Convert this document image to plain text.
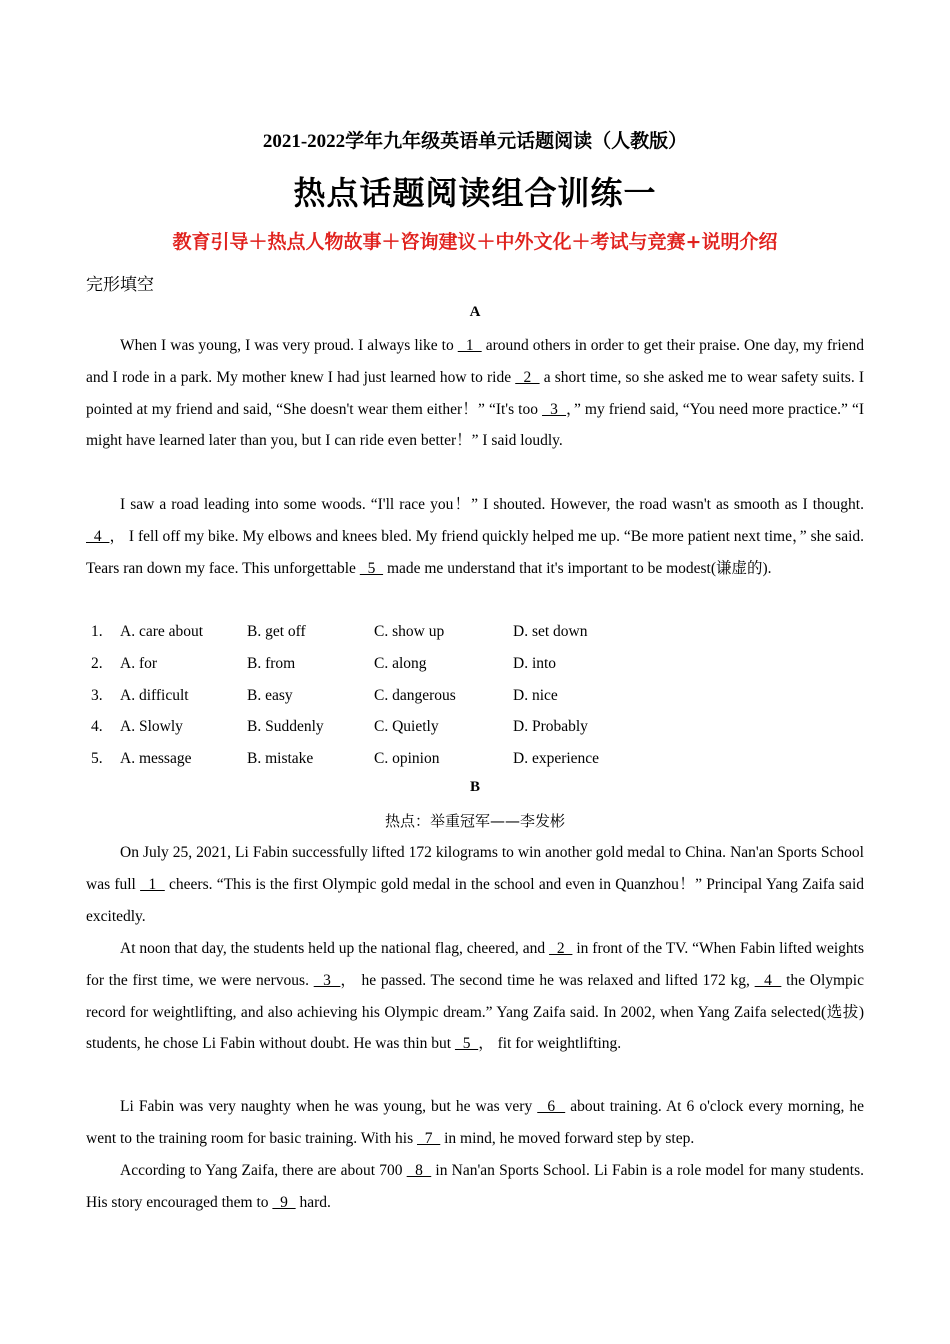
2021-2022学年九年级英语单元话题阅读（人教版）
热点话题阅读组合训练一
教育引导＋热点人物故事＋咨询建议＋中外文化＋考试与竞赛+说明介绍
完形填空
A

When I was young, I was very proud. I always like to   1   around others in order to get their praise. One day, my friend and I rode in a park. My mother knew I had just learned how to ride   2   a short time, so she asked me to wear safety suits. I pointed at my friend and said, “She doesn't wear them either！” “It's too   3  ，” my friend said, “You need more practice.” “I might have learned later than you, but I can ride even better！” I said loudly.

I saw a road leading into some woods. “I'll race you！” I shouted. However, the road wasn't as smooth as I thought.   4  ， I fell off my bike. My elbows and knees bled. My friend quickly helped me up. “Be more patient next time，” she said. Tears ran down my face. This unforgettable   5   made me understand that it's important to be modest(谦虚的).

1. A. care about	B. get off	C. show up	D. set down
2. A. for	B. from	C. along	D. into
3. A. difficult	B. easy	C. dangerous	D. nice
4. A. Slowly	B. Suddenly	C. Quietly	D. Probably
5. A. message	B. mistake	C. opinion	D. experience
B
热点：举重冠军——李发彬

On July 25, 2021, Li Fabin successfully lifted 172 kilograms to win another gold medal to China. Nan'an Sports School was full   1   cheers. “This is the first Olympic gold medal in the school and even in Quanzhou！” Principal Yang Zaifa said excitedly.

At noon that day, the students held up the national flag, cheered, and   2   in front of the TV. “When Fabin lifted weights for the first time, we were nervous.   3  ， he passed. The second time he was relaxed and lifted 172 kg,   4   the Olympic record for weightlifting, and also achieving his Olympic dream.” Yang Zaifa said. In 2002, when Yang Zaifa selected(选拔) students, he chose Li Fabin without doubt. He was thin but   5  ， fit for weightlifting.

Li Fabin was very naughty when he was young, but he was very   6   about training. At 6 o'clock every morning, he went to the training room for basic training. With his   7   in mind, he moved forward step by step.

According to Yang Zaifa, there are about 700   8   in Nan'an Sports School. Li Fabin is a role model for many students. His story encouraged them to   9   hard.
